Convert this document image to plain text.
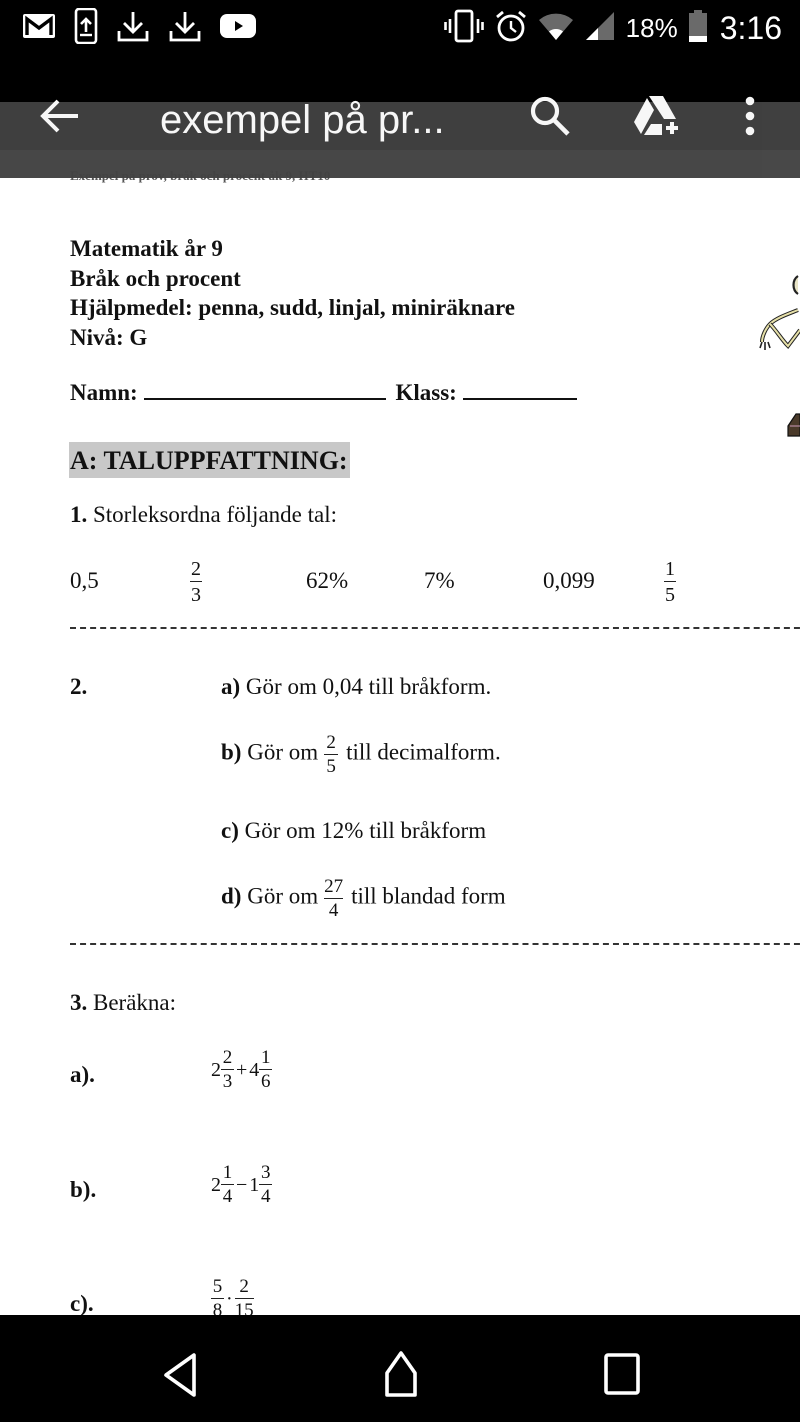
18% 3:16
exempel på pr...
Matematik år 9
Bråk och procent
Hjälpmedel: penna, sudd, linjal, miniräknare
Nivå: G
Namn:	Klass:
A: TALUPPFATTNING:
1. Storleksordna följande tal:
0,5	2
3
62%	7%	0,099	1
5
2.	a) Gör om 0,04 till bråkform.
b) Gör om $\frac{2}{5}$ till decimalform.
c) Gör om 12% till bråkform
d) Gör om $\frac{27}{4}$ till blandad form
3. Beräkna:
a).	2
2
3
+ 4
1
6
b).	2
1
4
− 1
3
4
c).
5
8
·
2
15
